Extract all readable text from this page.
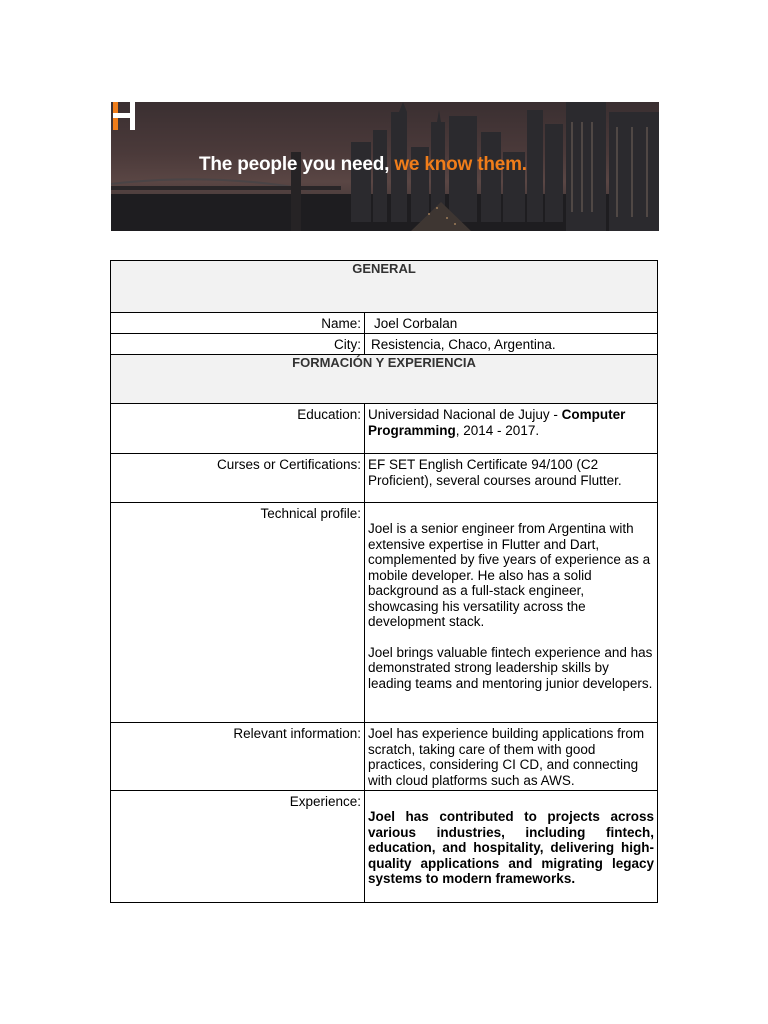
The people you need, we know them.
GENERAL	
Name:	Joel Corbalan
City:	Resistencia, Chaco, Argentina.
FORMACIÓN Y EXPERIENCIA	
Education:	Universidad Nacional de Jujuy - Computer Programming, 2014 - 2017.
Curses or Certifications:	EF SET English Certificate 94/100 (C2 Proficient), several courses around Flutter.
Technical profile:	Joel is a senior engineer from Argentina with extensive expertise in Flutter and Dart, complemented by five years of experience as a mobile developer. He also has a solid background as a full-stack engineer, showcasing his versatility across the development stack.

Joel brings valuable fintech experience and has demonstrated strong leadership skills by leading teams and mentoring junior developers.

Relevant information:	Joel has experience building applications from scratch, taking care of them with good practices, considering CI CD, and connecting with cloud platforms such as AWS.
Experience:	Joel has contributed to projects across various industries, including fintech, education, and hospitality, delivering high-quality applications and migrating legacy systems to modern frameworks.
